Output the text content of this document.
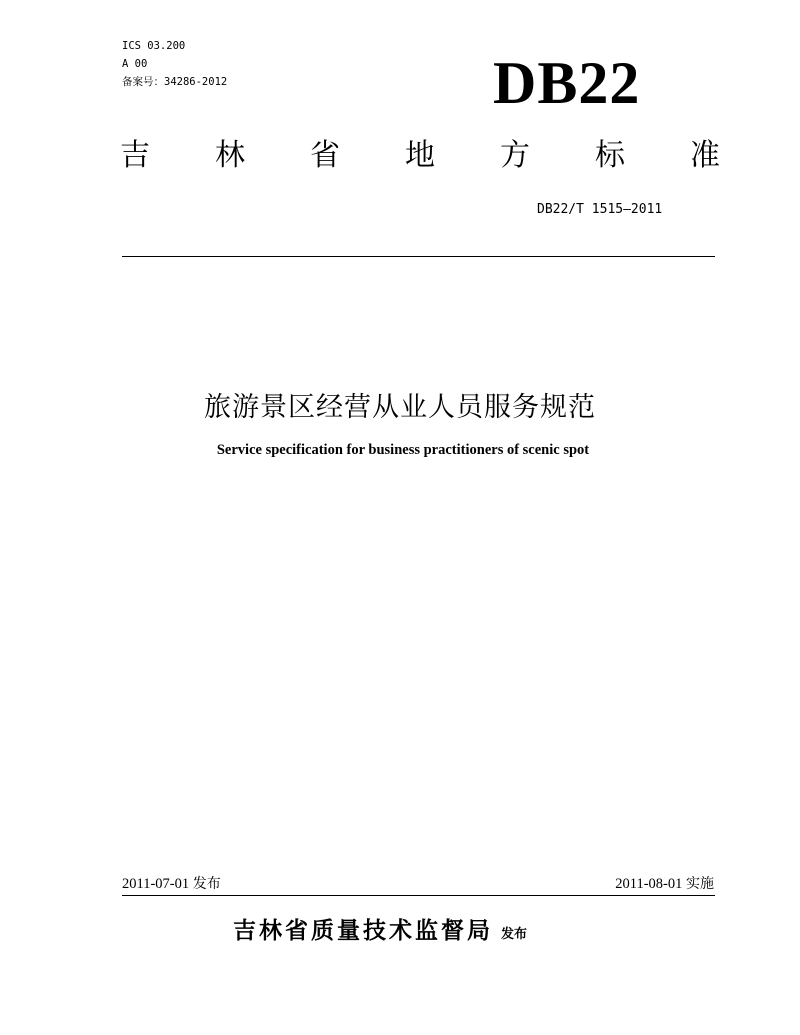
ICS 03.200
A 00
备案号：34286-2012	DB22
吉 林 省 地 方 标 准
DB22/T 1515—2011
旅游景区经营从业人员服务规范
Service specification for business practitioners of scenic spot
2011-07-01 发布	2011-08-01 实施
吉林省质量技术监督局 发布
